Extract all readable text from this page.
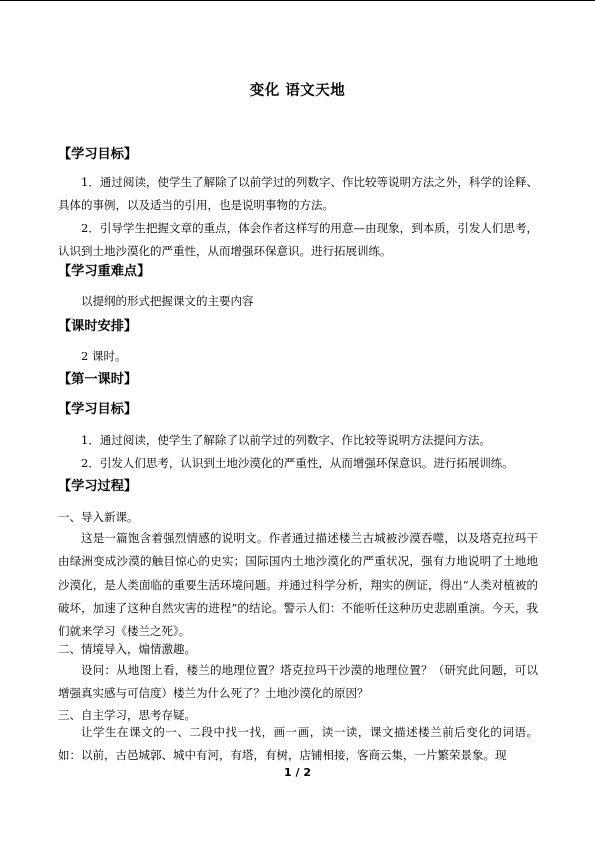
变化 语文天地
【学习目标】
1．通过阅读，使学生了解除了以前学过的列数字、作比较等说明方法之外，科学的诠释、具体的事例，以及适当的引用，也是说明事物的方法。
2．引导学生把握文章的重点，体会作者这样写的用意—由现象，到本质，引发人们思考，认识到土地沙漠化的严重性，从而增强环保意识。进行拓展训练。
【学习重难点】
以提纲的形式把握课文的主要内容
【课时安排】
2 课时。
【第一课时】
【学习目标】
1．通过阅读，使学生了解除了以前学过的列数字、作比较等说明方法提问方法。
2．引发人们思考，认识到土地沙漠化的严重性，从而增强环保意识。进行拓展训练。
【学习过程】
一、导入新课。
这是一篇饱含着强烈情感的说明文。作者通过描述楼兰古城被沙漠吞噬，以及塔克拉玛干由绿洲变成沙漠的触目惊心的史实；国际国内土地沙漠化的严重状况，强有力地说明了土地地沙漠化，是人类面临的重要生活环境问题。并通过科学分析，翔实的例证，得出“人类对植被的破坏，加速了这种自然灾害的进程”的结论。警示人们：不能听任这种历史悲剧重演。今天，我们就来学习《楼兰之死》。
二、情境导入，煽情激趣。
设问：从地图上看，楼兰的地理位置？塔克拉玛干沙漠的地理位置？（研究此问题，可以增强真实感与可信度）楼兰为什么死了？土地沙漠化的原因？
三、自主学习，思考存疑。
让学生在课文的一、二段中找一找，画一画，读一读，课文描述楼兰前后变化的词语。如：以前，古邑城郭、城中有河，有塔，有树，店铺相接，客商云集，一片繁荣景象。现
1 / 2
